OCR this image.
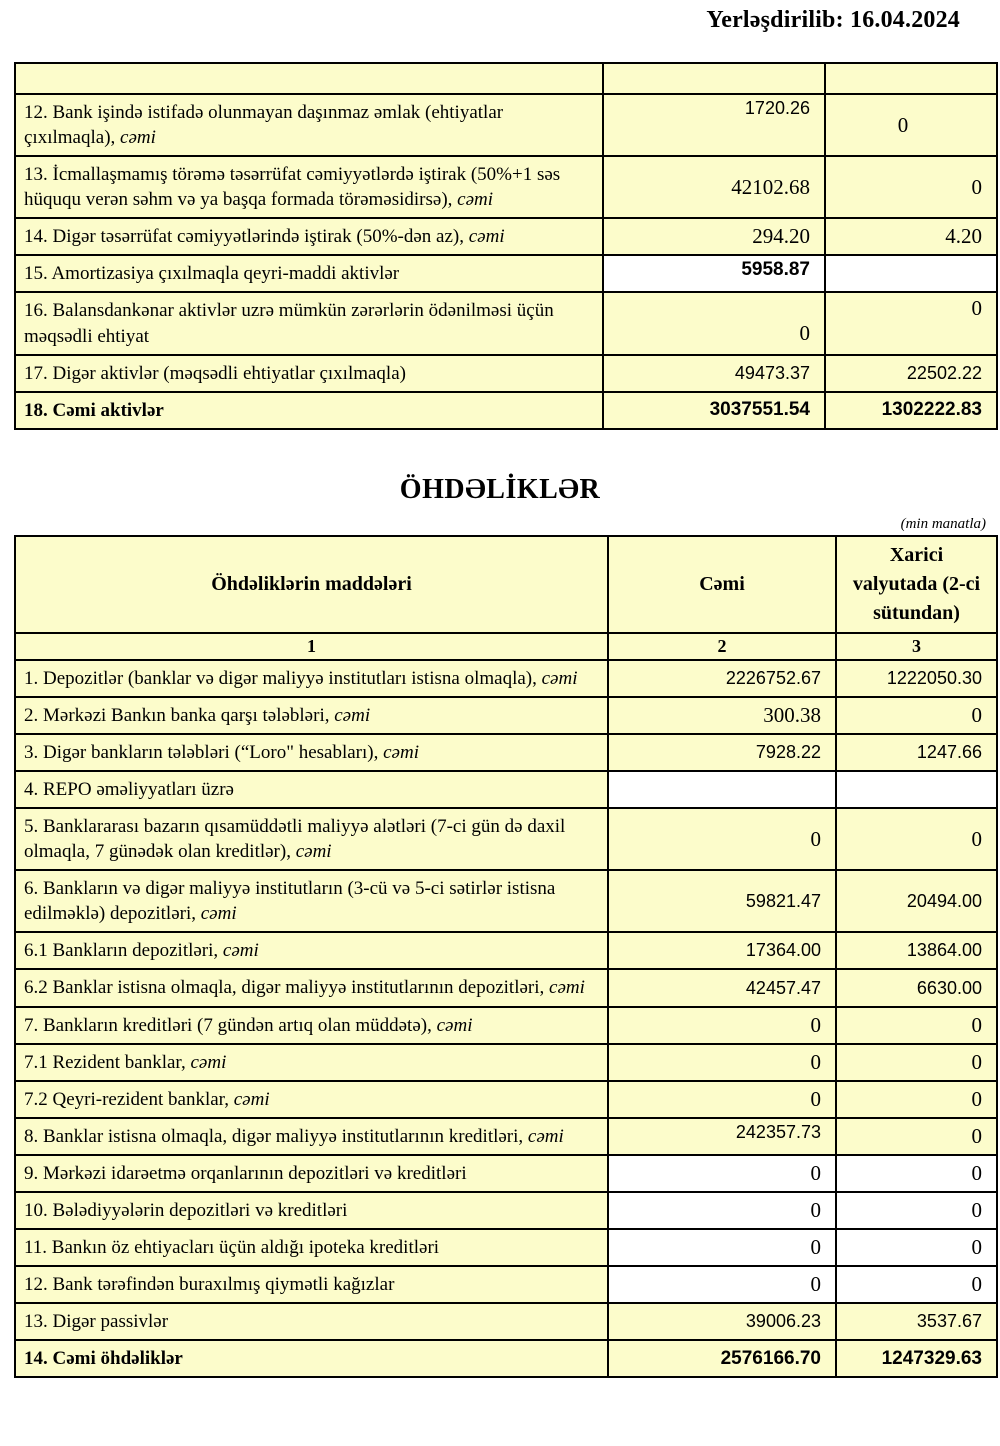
Yerləşdirilib: 16.04.2024

12. Bank işində istifadə olunmayan daşınmaz əmlak (ehtiyatlar çıxılmaqla), cəmi	1720.26	0
13. İcmallaşmamış törəmə təsərrüfat cəmiyyətlərdə iştirak (50%+1 səs hüququ verən səhm və ya başqa formada törəməsidirsə), cəmi	42102.68	0
14. Digər təsərrüfat cəmiyyətlərində iştirak (50%-dən az), cəmi	294.20	4.20
15. Amortizasiya çıxılmaqla qeyri-maddi aktivlər	5958.87	
16. Balansdankənar aktivlər uzrə mümkün zərərlərin ödənilməsi üçün məqsədli ehtiyat	0	0
17. Digər aktivlər (məqsədli ehtiyatlar çıxılmaqla)	49473.37	22502.22
18. Cəmi aktivlər	3037551.54	1302222.83
ÖHDƏLİKLƏR
(min manatla)
Öhdəliklərin maddələri	Cəmi	Xarici valyutada (2-ci sütundan)
1	2	3
1. Depozitlər (banklar və digər maliyyə institutları istisna olmaqla), cəmi	2226752.67	1222050.30
2. Mərkəzi Bankın banka qarşı tələbləri, cəmi	300.38	0
3. Digər bankların tələbləri (“Loro" hesabları), cəmi	7928.22	1247.66
4. REPO əməliyyatları üzrə		
5. Banklararası bazarın qısamüddətli maliyyə alətləri (7-ci gün də daxil olmaqla, 7 günədək olan kreditlər), cəmi	0	0
6. Bankların və digər maliyyə institutların (3-cü və 5-ci sətirlər istisna edilməklə) depozitləri, cəmi	59821.47	20494.00
6.1 Bankların depozitləri, cəmi	17364.00	13864.00
6.2 Banklar istisna olmaqla, digər maliyyə institutlarının depozitləri, cəmi	42457.47	6630.00
7. Bankların kreditləri (7 gündən artıq olan müddətə), cəmi	0	0
7.1 Rezident banklar, cəmi	0	0
7.2 Qeyri-rezident banklar, cəmi	0	0
8. Banklar istisna olmaqla, digər maliyyə institutlarının kreditləri, cəmi	242357.73	0
9. Mərkəzi idarəetmə orqanlarının depozitləri və kreditləri	0	0
10. Bələdiyyələrin depozitləri və kreditləri	0	0
11. Bankın öz ehtiyacları üçün aldığı ipoteka kreditləri	0	0
12. Bank tərəfindən buraxılmış qiymətli kağızlar	0	0
13. Digər passivlər	39006.23	3537.67
14. Cəmi öhdəliklər	2576166.70	1247329.63
